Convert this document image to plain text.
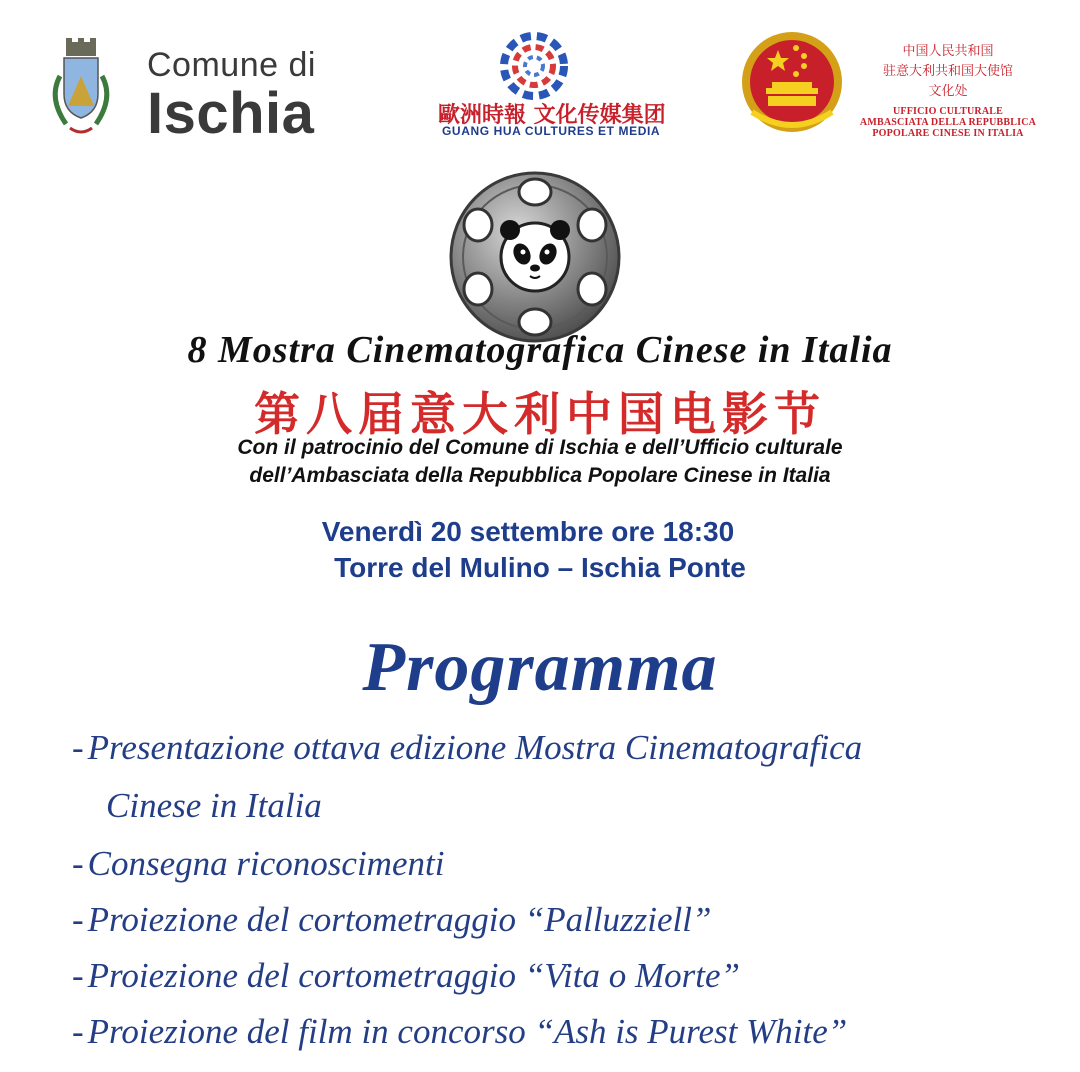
Comune di
Ischia	歐洲時報 文化传媒集团
GUANG HUA CULTURES ET MEDIA
中国人民共和国
驻意大利共和国大使馆
文化处
UFFICIO CULTURALE
AMBASCIATA DELLA REPUBBLICA
POPOLARE CINESE IN ITALIA
8 Mostra Cinematografica Cinese in Italia
第八届意大利中国电影节
Con il patrocinio del Comune di Ischia e dell’Ufficio culturale
dell’Ambasciata della Repubblica Popolare Cinese in Italia
Venerdì 20 settembre ore 18:30
Torre del Mulino – Ischia Ponte
Programma
- Presentazione ottava edizione Mostra Cinematografica
Cinese in Italia
- Consegna riconoscimenti
- Proiezione del cortometraggio “Palluzziell”
- Proiezione del cortometraggio “Vita o Morte”
- Proiezione del film in concorso “Ash is Purest White”
